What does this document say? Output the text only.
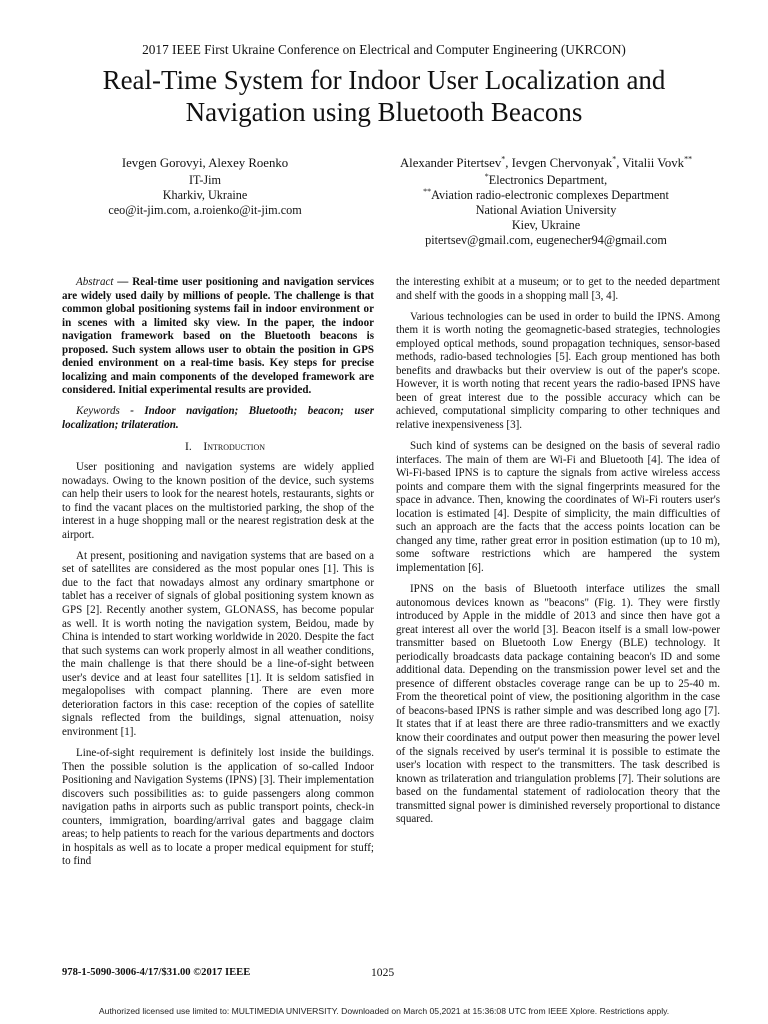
2017 IEEE First Ukraine Conference on Electrical and Computer Engineering (UKRCON)
Real-Time System for Indoor User Localization and
Navigation using Bluetooth Beacons
Ievgen Gorovyi, Alexey Roenko
IT-Jim
Kharkiv, Ukraine
ceo@it-jim.com, a.roienko@it-jim.com
Alexander Pitertsev*, Ievgen Chervonyak*, Vitalii Vovk**
*Electronics Department,
**Aviation radio-electronic complexes Department
National Aviation University
Kiev, Ukraine
pitertsev@gmail.com, eugenecher94@gmail.com

Abstract — Real-time user positioning and navigation services are widely used daily by millions of people. The challenge is that common global positioning systems fail in indoor environment or in scenes with a limited sky view. In the paper, the indoor navigation framework based on the Bluetooth beacons is proposed. Such system allows user to obtain the position in GPS denied environment on a real-time basis. Key steps for precise localizing and main components of the developed framework are considered. Initial experimental results are provided.

Keywords - Indoor navigation; Bluetooth; beacon; user localization; trilateration.

I. Introduction

User positioning and navigation systems are widely applied nowadays. Owing to the known position of the device, such systems can help their users to look for the nearest hotels, restaurants, sights or to find the vacant places on the multistoried parking, the shop of the interest in a huge shopping mall or the nearest registration desk at the airport.

At present, positioning and navigation systems that are based on a set of satellites are considered as the most popular ones [1]. This is due to the fact that nowadays almost any ordinary smartphone or tablet has a receiver of signals of global positioning system known as GPS [2]. Recently another system, GLONASS, has become popular as well. It is worth noting the navigation system, Beidou, made by China is intended to start working worldwide in 2020. Despite the fact that such systems can work properly almost in all weather conditions, the main challenge is that there should be a line-of-sight between user's device and at least four satellites [1]. It is seldom satisfied in megalopolises with compact planning. There are even more deterioration factors in this case: reception of the copies of satellite signals reflected from the buildings, signal attenuation, noisy environment [1].

Line-of-sight requirement is definitely lost inside the buildings. Then the possible solution is the application of so-called Indoor Positioning and Navigation Systems (IPNS) [3]. Their implementation discovers such possibilities as: to guide passengers along common navigation paths in airports such as public transport points, check-in counters, immigration, boarding/arrival gates and baggage claim areas; to help patients to reach for the various departments and doctors in hospitals as well as to locate a proper medical equipment for stuff; to find

the interesting exhibit at a museum; or to get to the needed department and shelf with the goods in a shopping mall [3, 4].

Various technologies can be used in order to build the IPNS. Among them it is worth noting the geomagnetic-based strategies, technologies employed optical methods, sound propagation techniques, sensor-based methods, radio-based technologies [5]. Each group mentioned has both benefits and drawbacks but their overview is out of the paper's scope. However, it is worth noting that recent years the radio-based IPNS have been of great interest due to the possible accuracy which can be achieved, computational simplicity comparing to other techniques and relative inexpensiveness [3].

Such kind of systems can be designed on the basis of several radio interfaces. The main of them are Wi-Fi and Bluetooth [4]. The idea of Wi-Fi-based IPNS is to capture the signals from active wireless access points and compare them with the signal fingerprints measured for the space in advance. Then, knowing the coordinates of Wi-Fi routers user's location is estimated [4]. Despite of simplicity, the main difficulties of such an approach are the facts that the access points location can be changed any time, rather great error in position estimation (up to 10 m), some software restrictions which are hampered the system implementation [6].

IPNS on the basis of Bluetooth interface utilizes the small autonomous devices known as "beacons" (Fig. 1). They were firstly introduced by Apple in the middle of 2013 and since then have got a great interest all over the world [3]. Beacon itself is a small low-power transmitter based on Bluetooth Low Energy (BLE) technology. It periodically broadcasts data package containing beacon's ID and some additional data. Depending on the transmission power level set and the presence of different obstacles coverage range can be up to 25-40 m. From the theoretical point of view, the positioning algorithm in the case of beacons-based IPNS is rather simple and was described long ago [7]. It states that if at least there are three radio-transmitters and we exactly know their coordinates and output power then measuring the power level of the signals received by user's terminal it is possible to estimate the user's location with respect to the transmitters. The task described is known as trilateration and triangulation problems [7]. Their solutions are based on the fundamental statement of radiolocation theory that the transmitted signal power is diminished reversely proportional to distance squared.

978-1-5090-3006-4/17/$31.00 ©2017 IEEE	1025
Authorized licensed use limited to: MULTIMEDIA UNIVERSITY. Downloaded on March 05,2021 at 15:36:08 UTC from IEEE Xplore. Restrictions apply.
